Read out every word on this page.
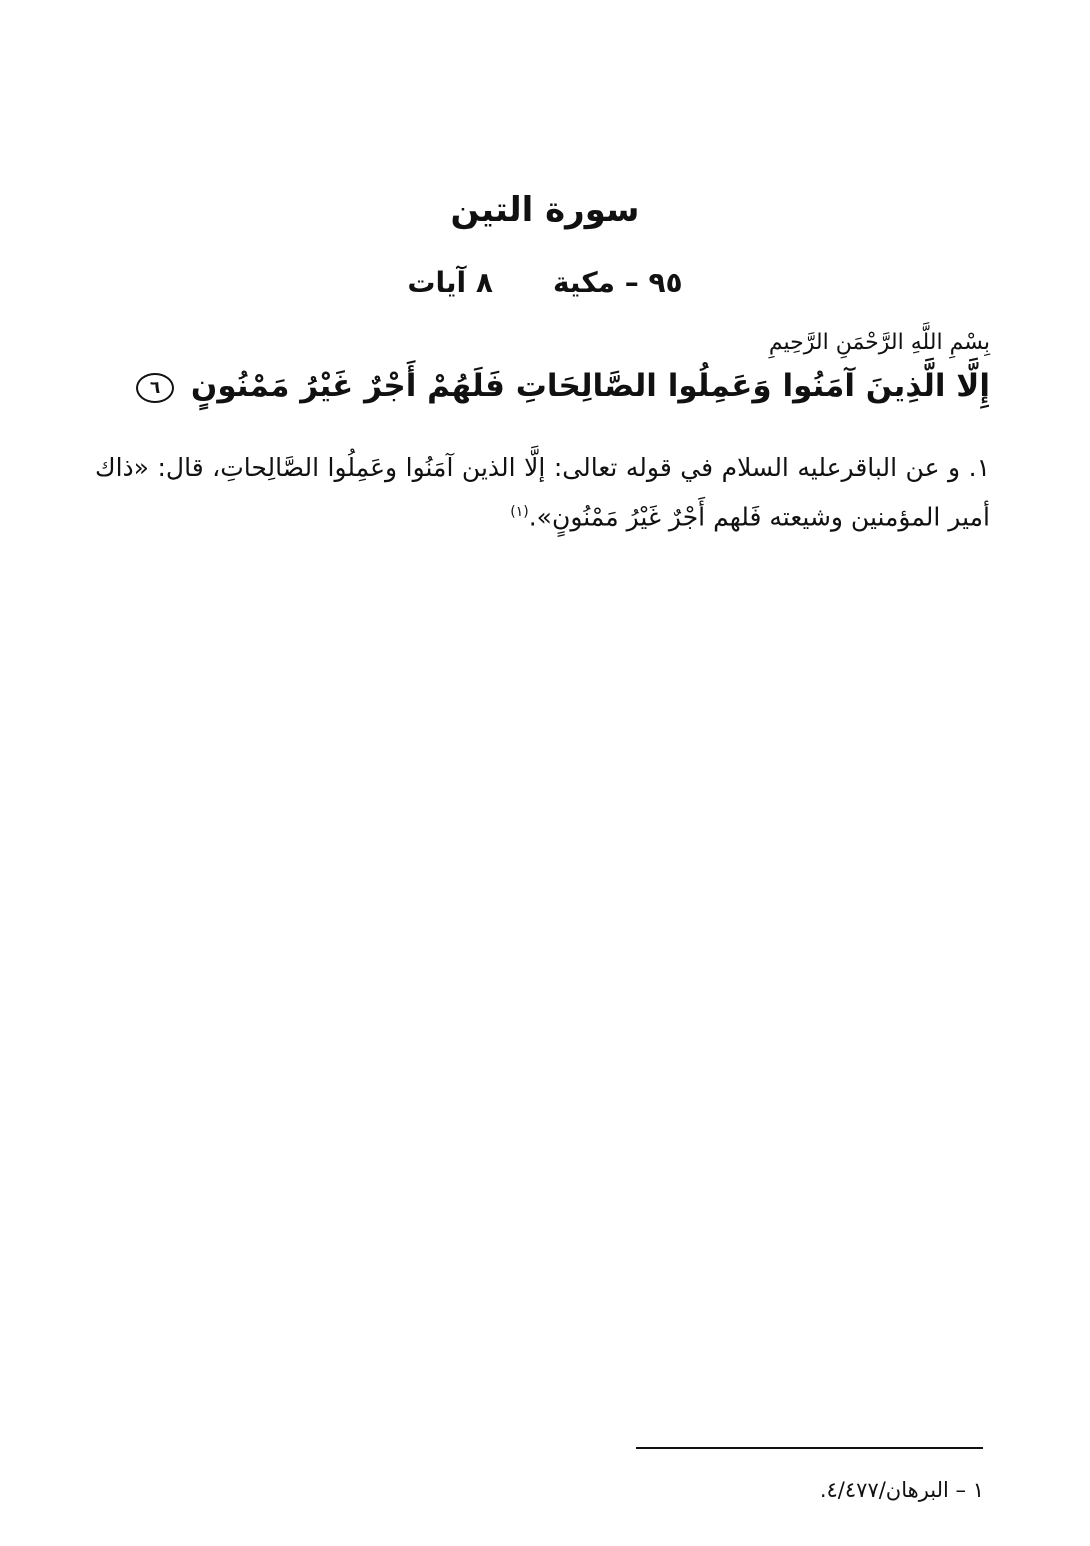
سورة التين
٩٥ – مكية٨ آيات
بِسْمِ اللَّهِ الرَّحْمَنِ الرَّحِيمِ
إِلَّا الَّذِينَ آمَنُوا وَعَمِلُوا الصَّالِحَاتِ فَلَهُمْ أَجْرٌ غَيْرُ مَمْنُونٍ ٦
١. و عن الباقرعليه السلام في قوله تعالى: إلَّا الذين آمَنُوا وعَمِلُوا الصَّالِحاتِ، قال: «ذاك أمير المؤمنين وشيعته فَلهم أَجْرٌ غَيْرُ مَمْنُونٍ».$^{(١)}$
١ – البرهان/٤/٤٧٧.
